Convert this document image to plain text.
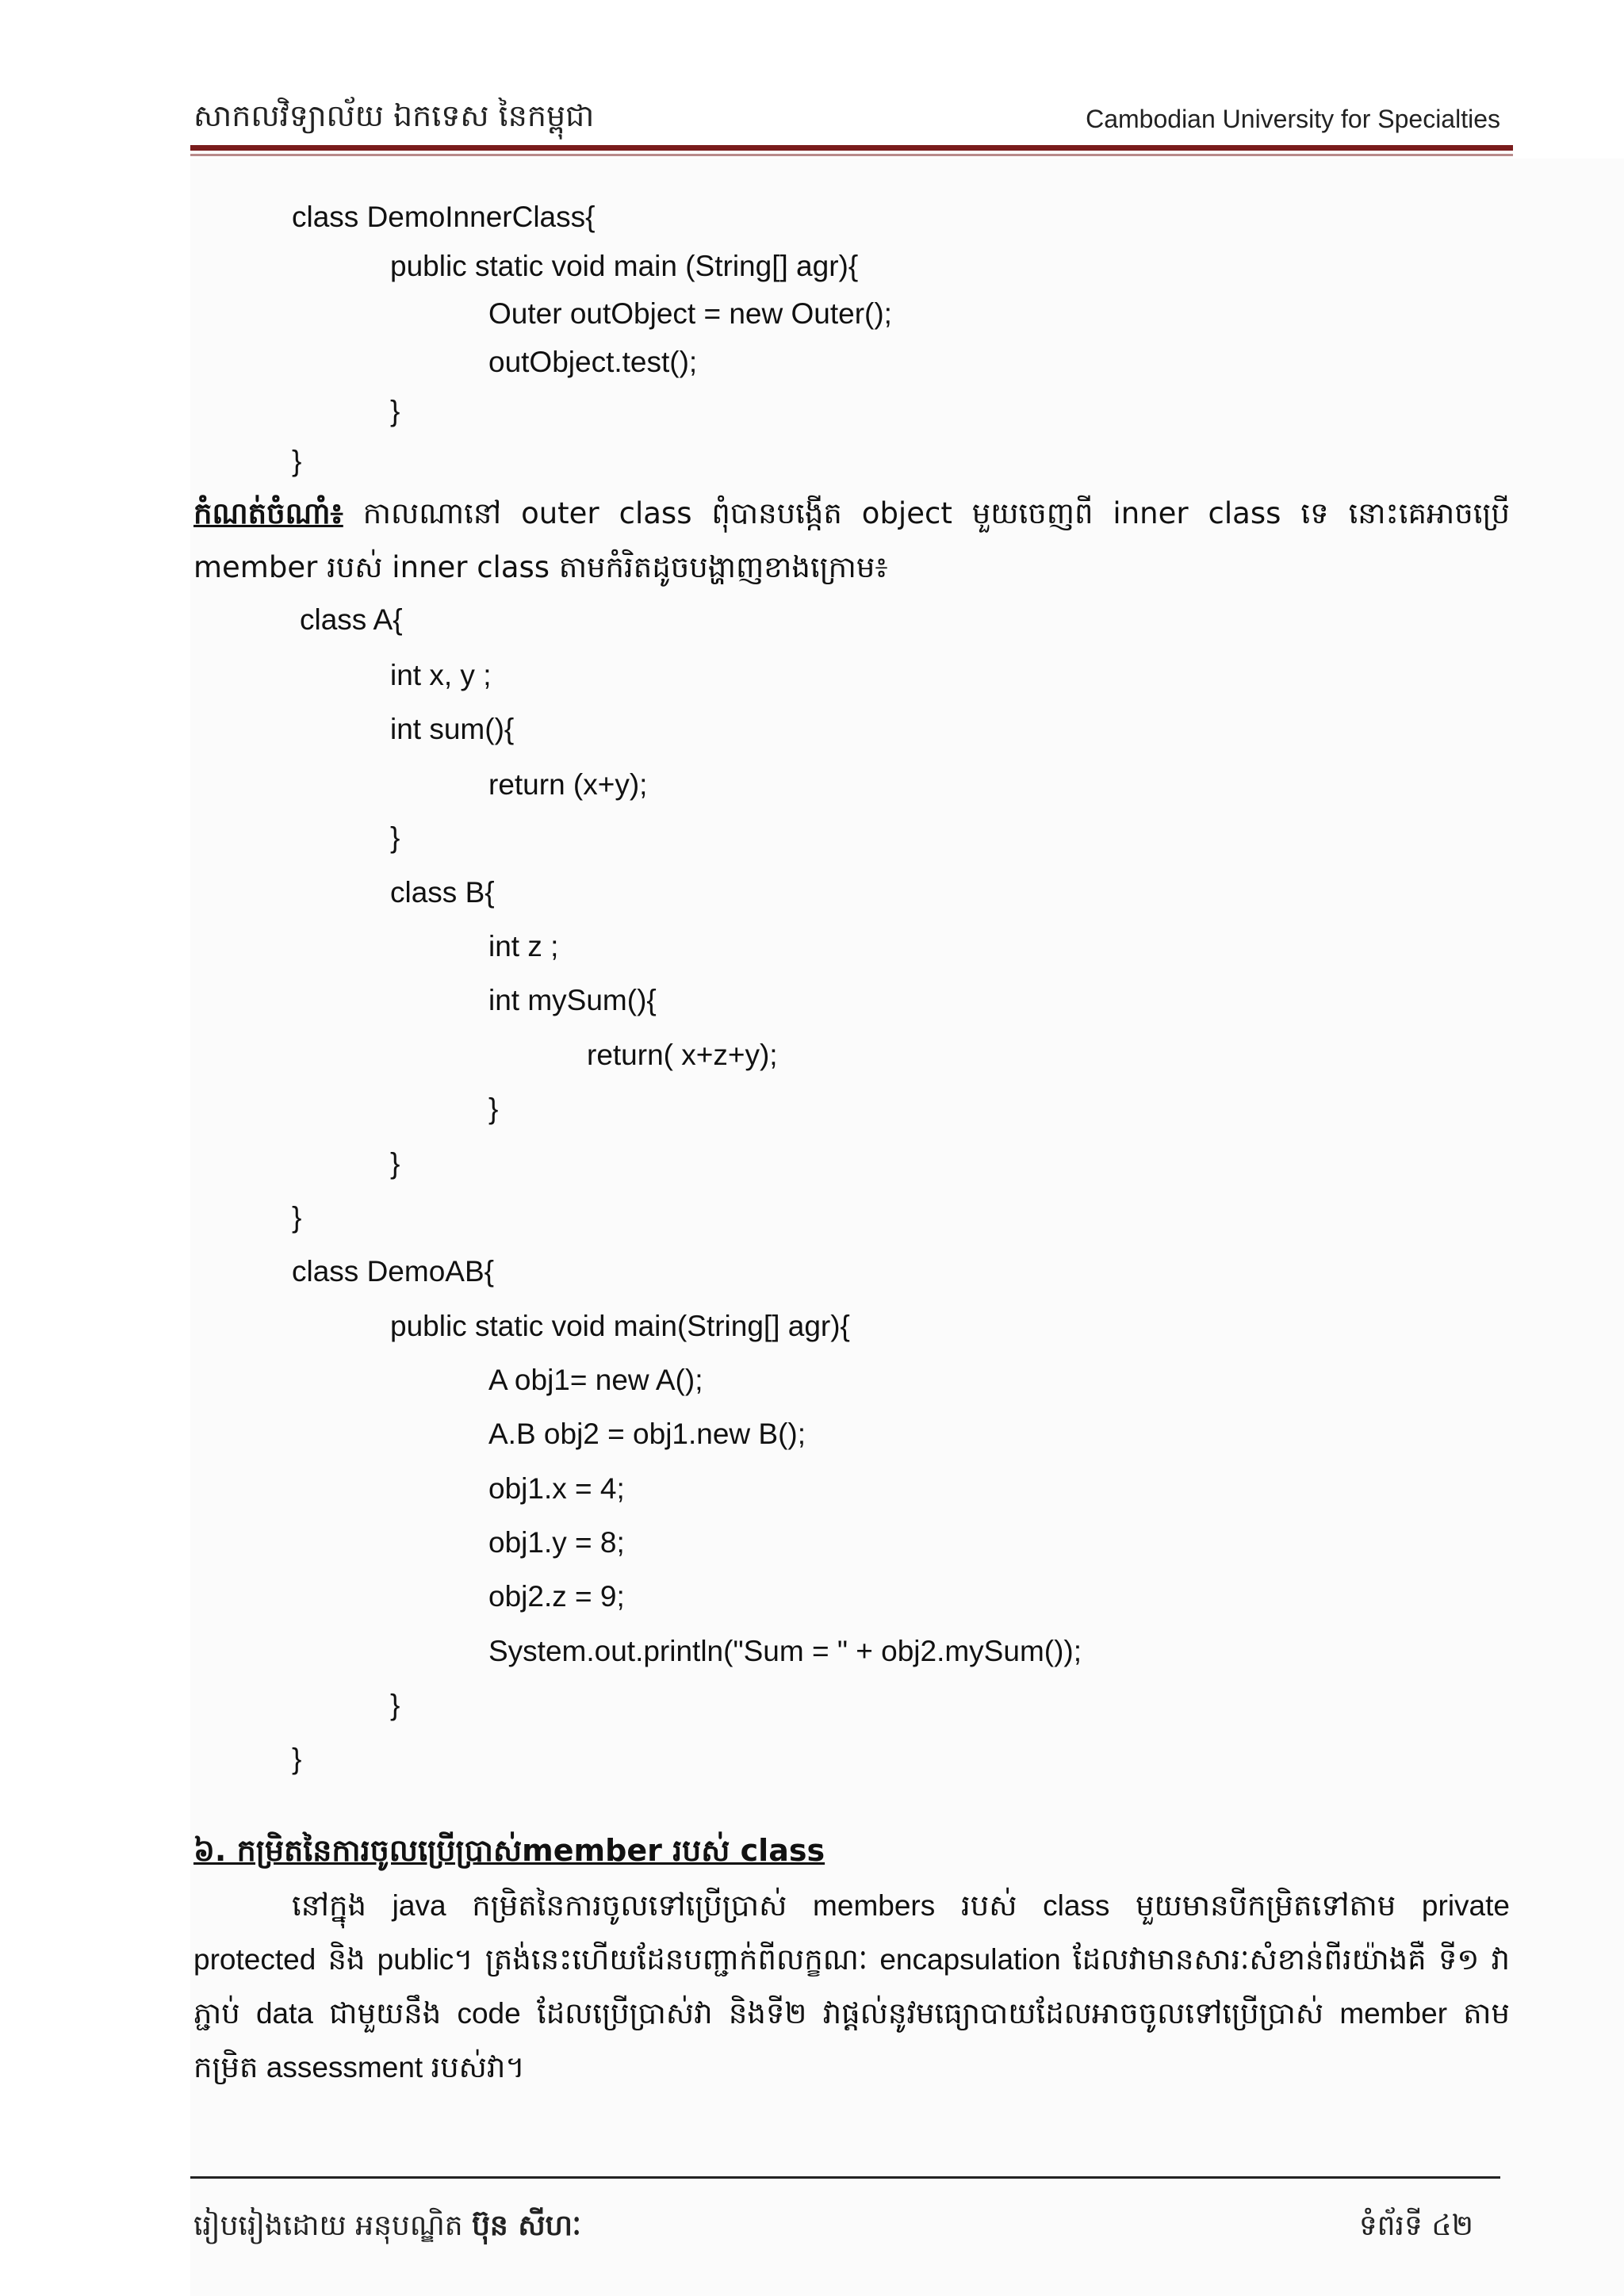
សាកលវិទ្យាល័យ ឯកទេស នៃកម្ពុជា	Cambodian University for Specialties
class DemoInnerClass{
public static void main (String[] agr){
Outer outObject = new Outer();
outObject.test();
}
}
កំណត់ចំណាំ៖ កាលណានៅ outer class ពុំបានបង្កើត object មួយចេញពី inner class ទេ នោះគេអាចប្រើ member របស់ inner class តាមកំរិតដូចបង្ហាញខាងក្រោម៖
class A{
int x, y ;
int sum(){
return (x+y);
}
class B{
int z ;
int mySum(){
return( x+z+y);
}
}
}
class DemoAB{
public static void main(String[] agr){
A obj1= new A();
A.B obj2 = obj1.new B();
obj1.x = 4;
obj1.y = 8;
obj2.z = 9;
System.out.println("Sum = " + obj2.mySum());
}
}
៦. កម្រិតនៃការចូលប្រើប្រាស់member របស់ class
នៅក្នុង java កម្រិតនៃការចូលទៅប្រើប្រាស់ members របស់ class មួយមានបីកម្រិតទៅតាម private protected និង public។ ត្រង់នេះហើយដែនបញ្ជាក់ពីលក្ខណៈ encapsulation ដែលវាមានសារៈសំខាន់ពីរយ៉ាងគឺ ទី១ វាភ្ជាប់ data ជាមួយនឹង code ដែលប្រើប្រាស់វា និងទី២ វាផ្តល់នូវមធ្យោបាយដែលអាចចូលទៅប្រើប្រាស់ member តាមកម្រិត assessment របស់វា។
រៀបរៀងដោយ អនុបណ្ឌិត ប៊ុន សីហៈ	ទំព័រទី ៤២
